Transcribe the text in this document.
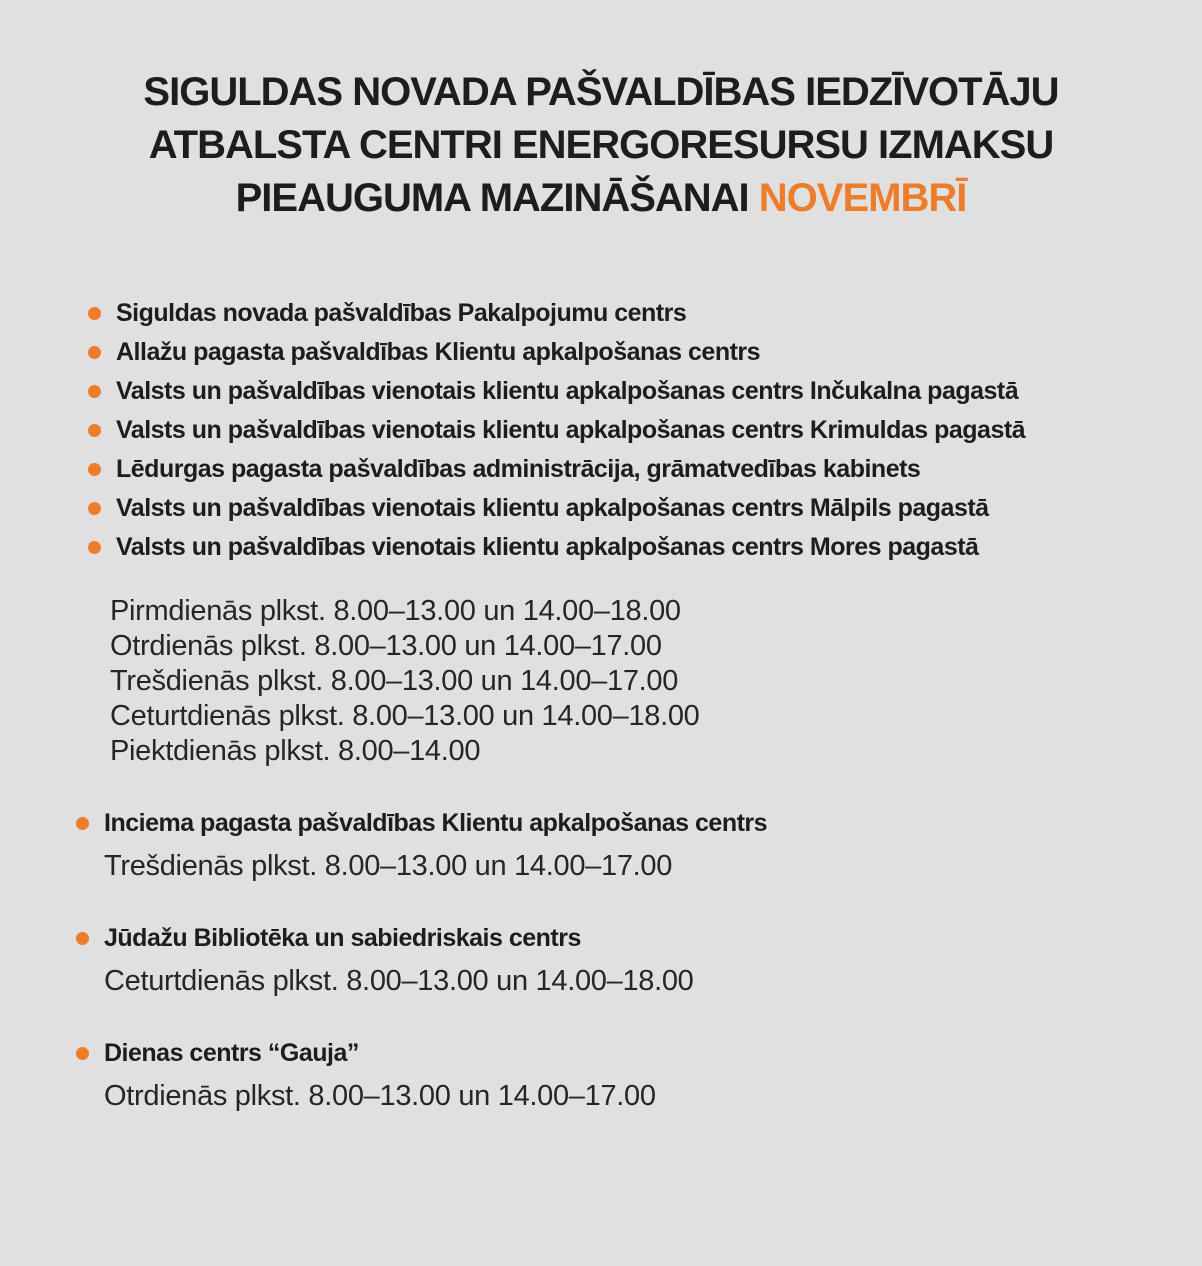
SIGULDAS NOVADA PAŠVALDĪBAS IEDZĪVOTĀJU
ATBALSTA CENTRI ENERGORESURSU IZMAKSU
PIEAUGUMA MAZINĀŠANAI NOVEMBRĪ
Siguldas novada pašvaldības Pakalpojumu centrs
Allažu pagasta pašvaldības Klientu apkalpošanas centrs
Valsts un pašvaldības vienotais klientu apkalpošanas centrs Inčukalna pagastā
Valsts un pašvaldības vienotais klientu apkalpošanas centrs Krimuldas pagastā
Lēdurgas pagasta pašvaldības administrācija, grāmatvedības kabinets
Valsts un pašvaldības vienotais klientu apkalpošanas centrs Mālpils pagastā
Valsts un pašvaldības vienotais klientu apkalpošanas centrs Mores pagastā
Pirmdienās plkst. 8.00–13.00 un 14.00–18.00
Otrdienās plkst. 8.00–13.00 un 14.00–17.00
Trešdienās plkst. 8.00–13.00 un 14.00–17.00
Ceturtdienās plkst. 8.00–13.00 un 14.00–18.00
Piektdienās plkst. 8.00–14.00
Inciema pagasta pašvaldības Klientu apkalpošanas centrs
Trešdienās plkst. 8.00–13.00 un 14.00–17.00
Jūdažu Bibliotēka un sabiedriskais centrs
Ceturtdienās plkst. 8.00–13.00 un 14.00–18.00
Dienas centrs “Gauja”
Otrdienās plkst. 8.00–13.00 un 14.00–17.00
